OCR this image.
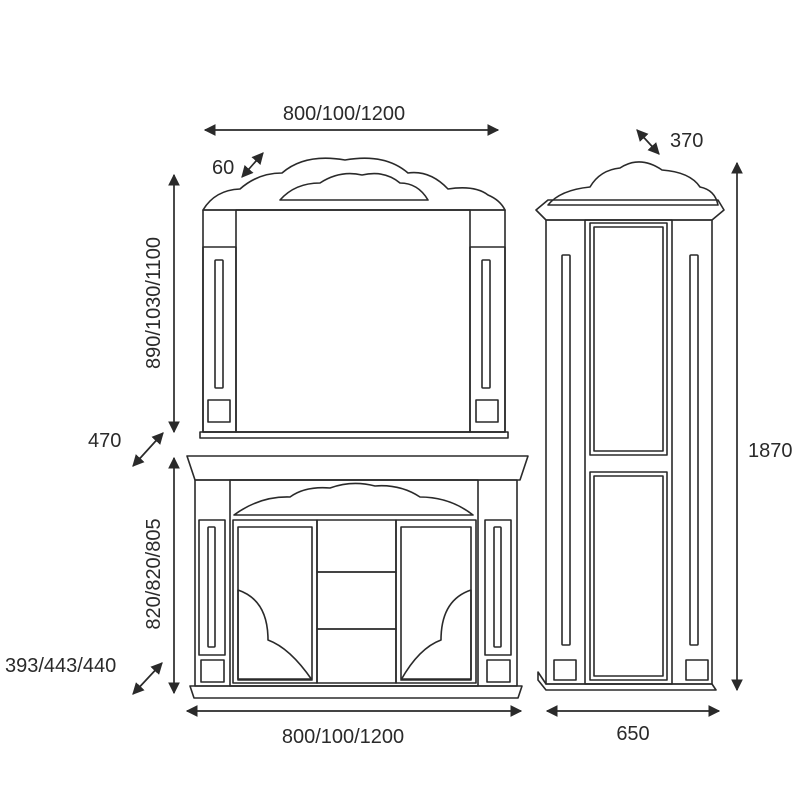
800/100/1200
60
890/1030/1100
470
820/820/805
393/443/440
800/100/1200
370
1870
650
